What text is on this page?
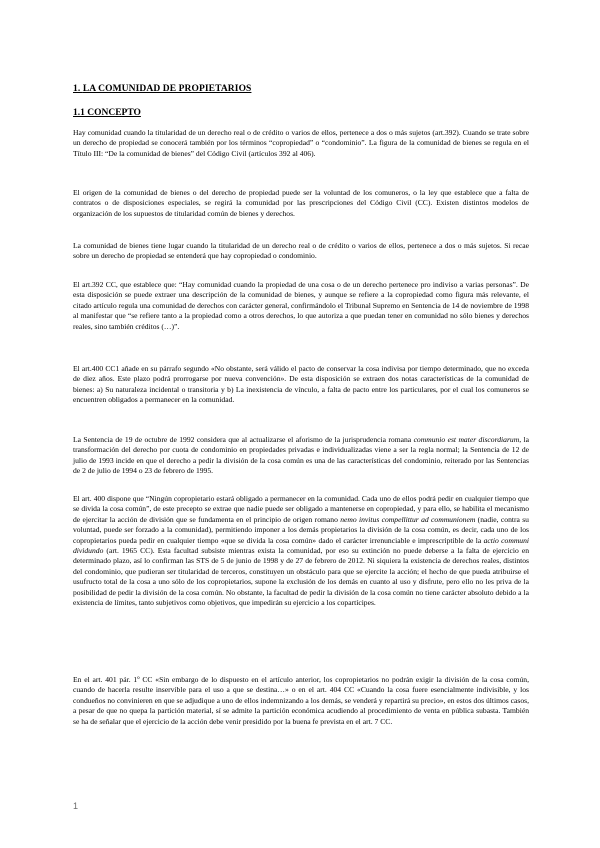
1. LA COMUNIDAD DE PROPIETARIOS
1.1 CONCEPTO

Hay comunidad cuando la titularidad de un derecho real o de crédito o varios de ellos, pertenece a dos o más sujetos (art.392). Cuando se trate sobre un derecho de propiedad se conocerá también por los términos “copropiedad” o “condominio”. La figura de la comunidad de bienes se regula en el Título III: “De la comunidad de bienes” del Código Civil (artículos 392 al 406).

El origen de la comunidad de bienes o del derecho de propiedad puede ser la voluntad de los comuneros, o la ley que establece que a falta de contratos o de disposiciones especiales, se regirá la comunidad por las prescripciones del Código Civil (CC). Existen distintos modelos de organización de los supuestos de titularidad común de bienes y derechos.

La comunidad de bienes tiene lugar cuando la titularidad de un derecho real o de crédito o varios de ellos, pertenece a dos o más sujetos. Si recae sobre un derecho de propiedad se entenderá que hay copropiedad o condominio.

El art.392 CC, que establece que: “Hay comunidad cuando la propiedad de una cosa o de un derecho pertenece pro indiviso a varias personas”. De esta disposición se puede extraer una descripción de la comunidad de bienes, y aunque se refiere a la copropiedad como figura más relevante, el citado artículo regula una comunidad de derechos con carácter general, confirmándolo el Tribunal Supremo en Sentencia de 14 de noviembre de 1998 al manifestar que “se refiere tanto a la propiedad como a otros derechos, lo que autoriza a que puedan tener en comunidad no sólo bienes y derechos reales, sino también créditos (…)”.

El art.400 CC1 añade en su párrafo segundo «No obstante, será válido el pacto de conservar la cosa indivisa por tiempo determinado, que no exceda de diez años. Este plazo podrá prorrogarse por nueva convención». De esta disposición se extraen dos notas características de la comunidad de bienes: a) Su naturaleza incidental o transitoria y b) La inexistencia de vínculo, a falta de pacto entre los particulares, por el cual los comuneros se encuentren obligados a permanecer en la comunidad.

La Sentencia de 19 de octubre de 1992 considera que al actualizarse el aforismo de la jurisprudencia romana communio est mater discordiarum, la transformación del derecho por cuota de condominio en propiedades privadas e individualizadas viene a ser la regla normal; la Sentencia de 12 de julio de 1993 incide en que el derecho a pedir la división de la cosa común es una de las características del condominio, reiterado por las Sentencias de 2 de julio de 1994 o 23 de febrero de 1995.

El art. 400 dispone que “Ningún copropietario estará obligado a permanecer en la comunidad. Cada uno de ellos podrá pedir en cualquier tiempo que se divida la cosa común”, de este precepto se extrae que nadie puede ser obligado a mantenerse en copropiedad, y para ello, se habilita el mecanismo de ejercitar la acción de división que se fundamenta en el principio de origen romano nemo invitus compellittur ad communionem (nadie, contra su voluntad, puede ser forzado a la comunidad), permitiendo imponer a los demás propietarios la división de la cosa común, es decir, cada uno de los copropietarios pueda pedir en cualquier tiempo «que se divida la cosa común» dado el carácter irrenunciable e imprescriptible de la actio communi dividundo (art. 1965 CC). Esta facultad subsiste mientras exista la comunidad, por eso su extinción no puede deberse a la falta de ejercicio en determinado plazo, así lo confirman las STS de 5 de junio de 1998 y de 27 de febrero de 2012. Ni siquiera la existencia de derechos reales, distintos del condominio, que pudieran ser titularidad de terceros, constituyen un obstáculo para que se ejercite la acción; el hecho de que pueda atribuirse el usufructo total de la cosa a uno sólo de los copropietarios, supone la exclusión de los demás en cuanto al uso y disfrute, pero ello no les priva de la posibilidad de pedir la división de la cosa común. No obstante, la facultad de pedir la división de la cosa común no tiene carácter absoluto debido a la existencia de límites, tanto subjetivos como objetivos, que impedirán su ejercicio a los copartícipes.

En el art. 401 pár. 1º CC «Sin embargo de lo dispuesto en el artículo anterior, los copropietarios no podrán exigir la división de la cosa común, cuando de hacerla resulte inservible para el uso a que se destina…» o en el art. 404 CC «Cuando la cosa fuere esencialmente indivisible, y los condueños no convinieren en que se adjudique a uno de ellos indemnizando a los demás, se venderá y repartirá su precio», en estos dos últimos casos, a pesar de que no quepa la partición material, sí se admite la partición económica acudiendo al procedimiento de venta en pública subasta. También se ha de señalar que el ejercicio de la acción debe venir presidido por la buena fe prevista en el art. 7 CC.

1
